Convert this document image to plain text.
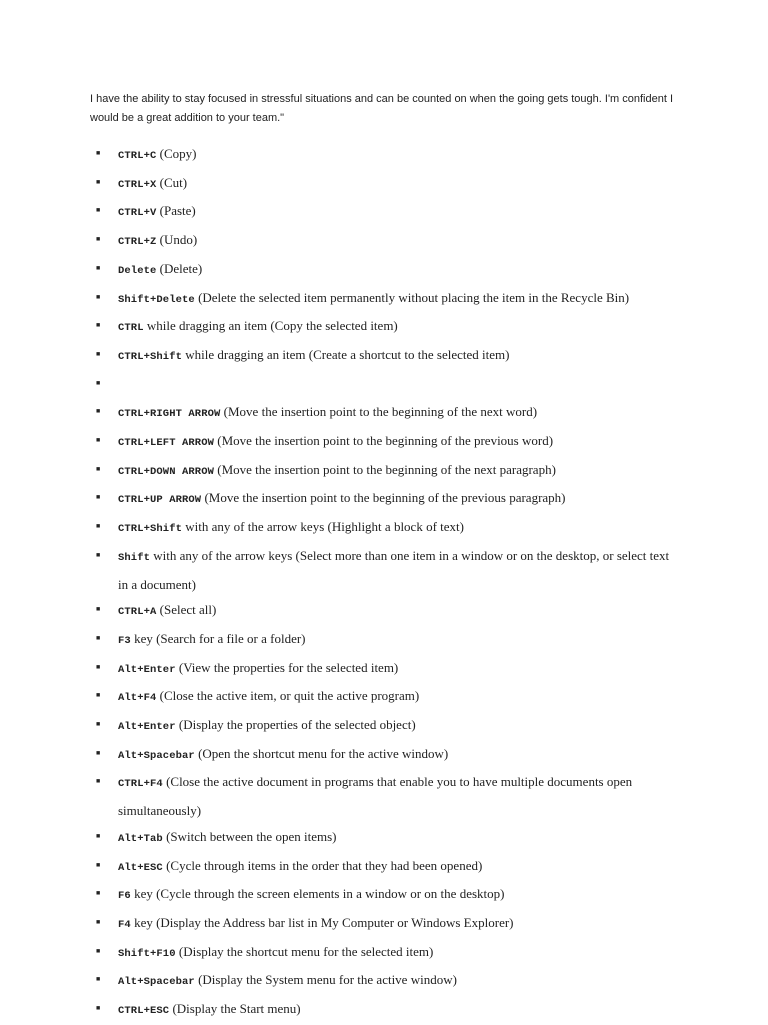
I have the ability to stay focused in stressful situations and can be counted on when the going gets tough. I'm confident I would be a great addition to your team."
■ CTRL+C (Copy)
■ CTRL+X (Cut)
■ CTRL+V (Paste)
■ CTRL+Z (Undo)
■ Delete (Delete)
■ Shift+Delete (Delete the selected item permanently without placing the item in the Recycle Bin)
■ CTRL while dragging an item (Copy the selected item)
■ CTRL+Shift while dragging an item (Create a shortcut to the selected item)
■
■ CTRL+RIGHT ARROW (Move the insertion point to the beginning of the next word)
■ CTRL+LEFT ARROW (Move the insertion point to the beginning of the previous word)
■ CTRL+DOWN ARROW (Move the insertion point to the beginning of the next paragraph)
■ CTRL+UP ARROW (Move the insertion point to the beginning of the previous paragraph)
■ CTRL+Shift with any of the arrow keys (Highlight a block of text)
■ Shift with any of the arrow keys (Select more than one item in a window or on the desktop, or select text in a document)
■ CTRL+A (Select all)
■ F3 key (Search for a file or a folder)
■ Alt+Enter (View the properties for the selected item)
■ Alt+F4 (Close the active item, or quit the active program)
■ Alt+Enter (Display the properties of the selected object)
■ Alt+Spacebar (Open the shortcut menu for the active window)
■ CTRL+F4 (Close the active document in programs that enable you to have multiple documents open simultaneously)
■ Alt+Tab (Switch between the open items)
■ Alt+ESC (Cycle through items in the order that they had been opened)
■ F6 key (Cycle through the screen elements in a window or on the desktop)
■ F4 key (Display the Address bar list in My Computer or Windows Explorer)
■ Shift+F10 (Display the shortcut menu for the selected item)
■ Alt+Spacebar (Display the System menu for the active window)
■ CTRL+ESC (Display the Start menu)
